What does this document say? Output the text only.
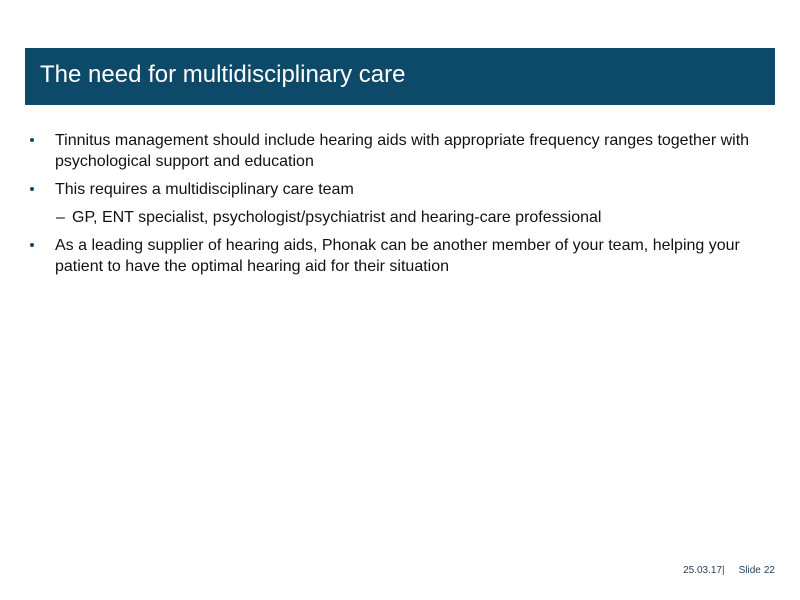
The need for multidisciplinary care
Tinnitus management should include hearing aids with appropriate frequency ranges together with psychological support and education
This requires a multidisciplinary care team
– GP, ENT specialist, psychologist/psychiatrist and hearing-care professional
As a leading supplier of hearing aids, Phonak can be another member of your team, helping your patient to have the optimal hearing aid for their situation
25.03.17 | Slide 22
